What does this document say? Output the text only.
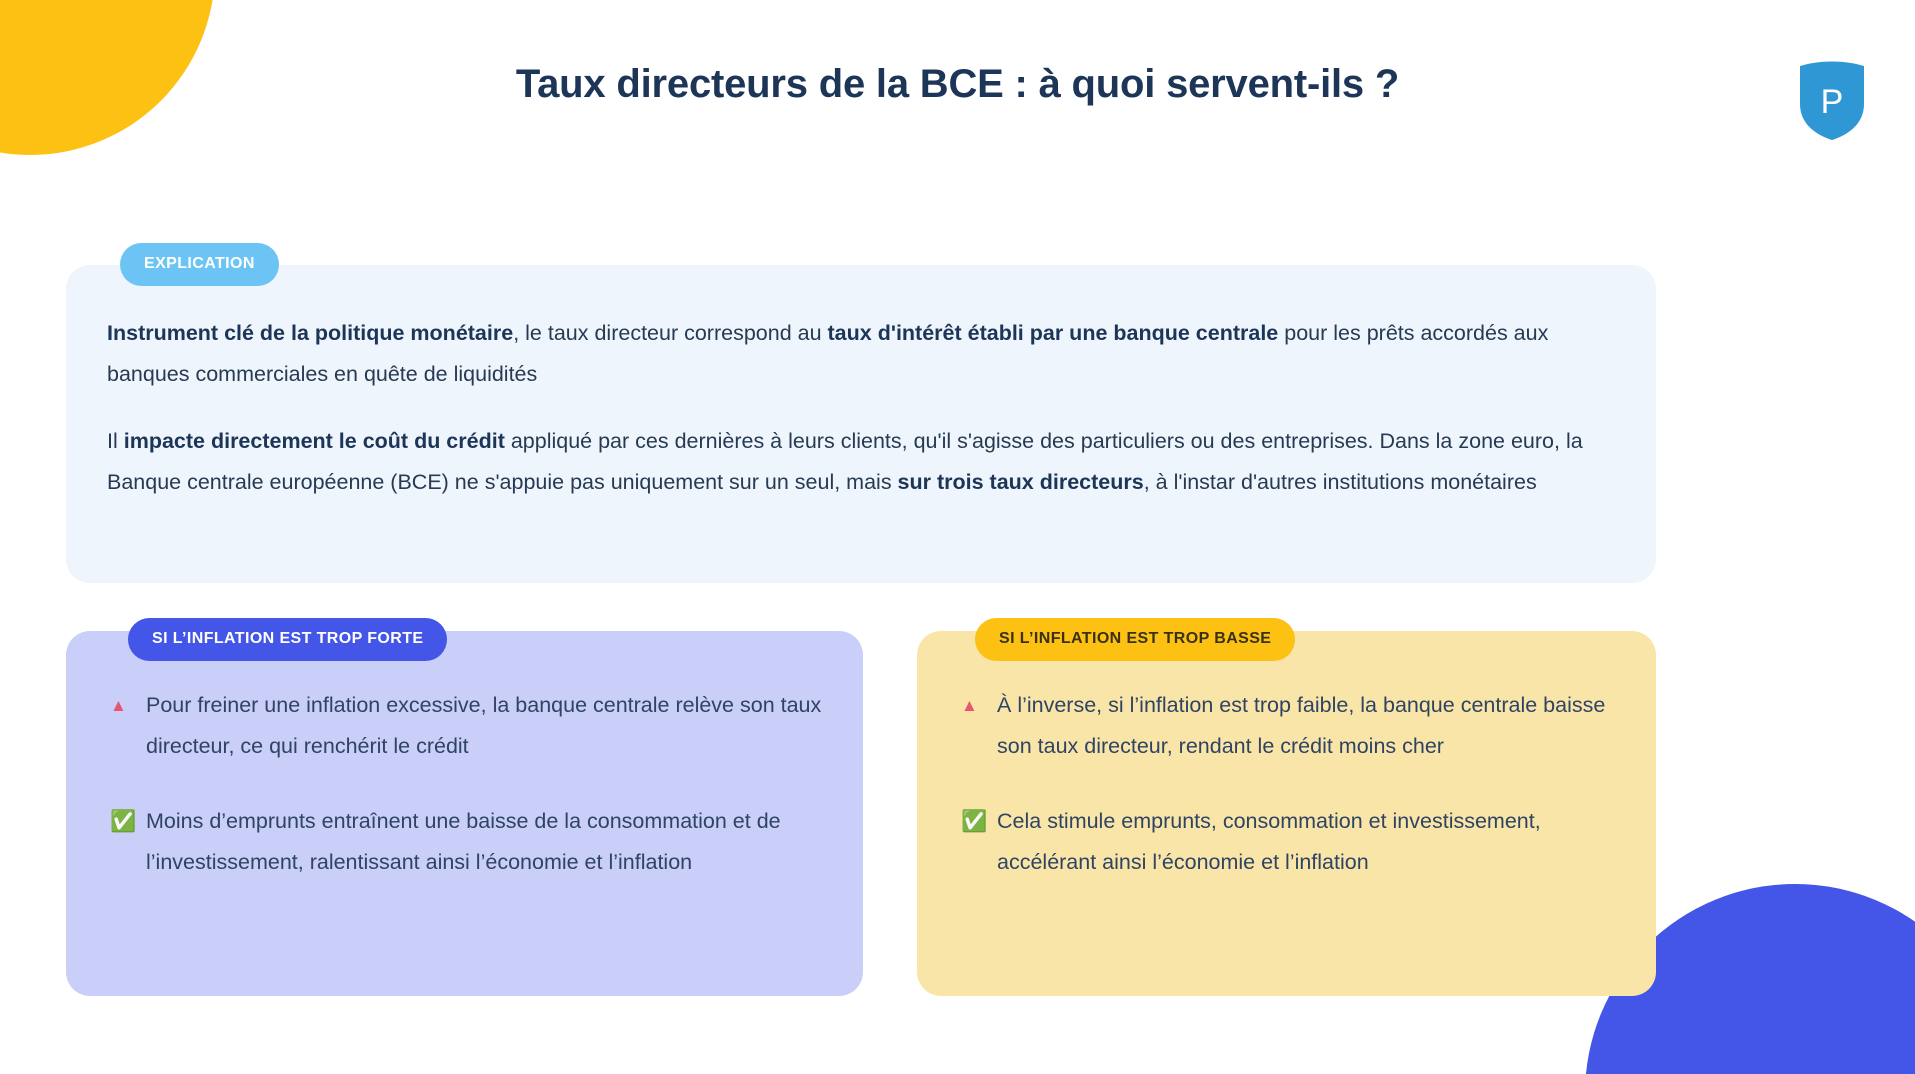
Taux directeurs de la BCE : à quoi servent-ils ?	P

Instrument clé de la politique monétaire, le taux directeur correspond au taux d'intérêt établi par une banque centrale pour les prêts accordés aux banques commerciales en quête de liquidités

Il impacte directement le coût du crédit appliqué par ces dernières à leurs clients, qu'il s'agisse des particuliers ou des entreprises. Dans la zone euro, la Banque centrale européenne (BCE) ne s'appuie pas uniquement sur un seul, mais sur trois taux directeurs, à l'instar d'autres institutions monétaires

EXPLICATION

▲ Pour freiner une inflation excessive, la banque centrale relève son taux directeur, ce qui renchérit le crédit

✅ Moins d’emprunts entraînent une baisse de la consommation et de l’investissement, ralentissant ainsi l’économie et l’inflation

SI L’INFLATION EST TROP FORTE

▲ À l’inverse, si l’inflation est trop faible, la banque centrale baisse son taux directeur, rendant le crédit moins cher

✅ Cela stimule emprunts, consommation et investissement, accélérant ainsi l’économie et l’inflation

SI L’INFLATION EST TROP BASSE
